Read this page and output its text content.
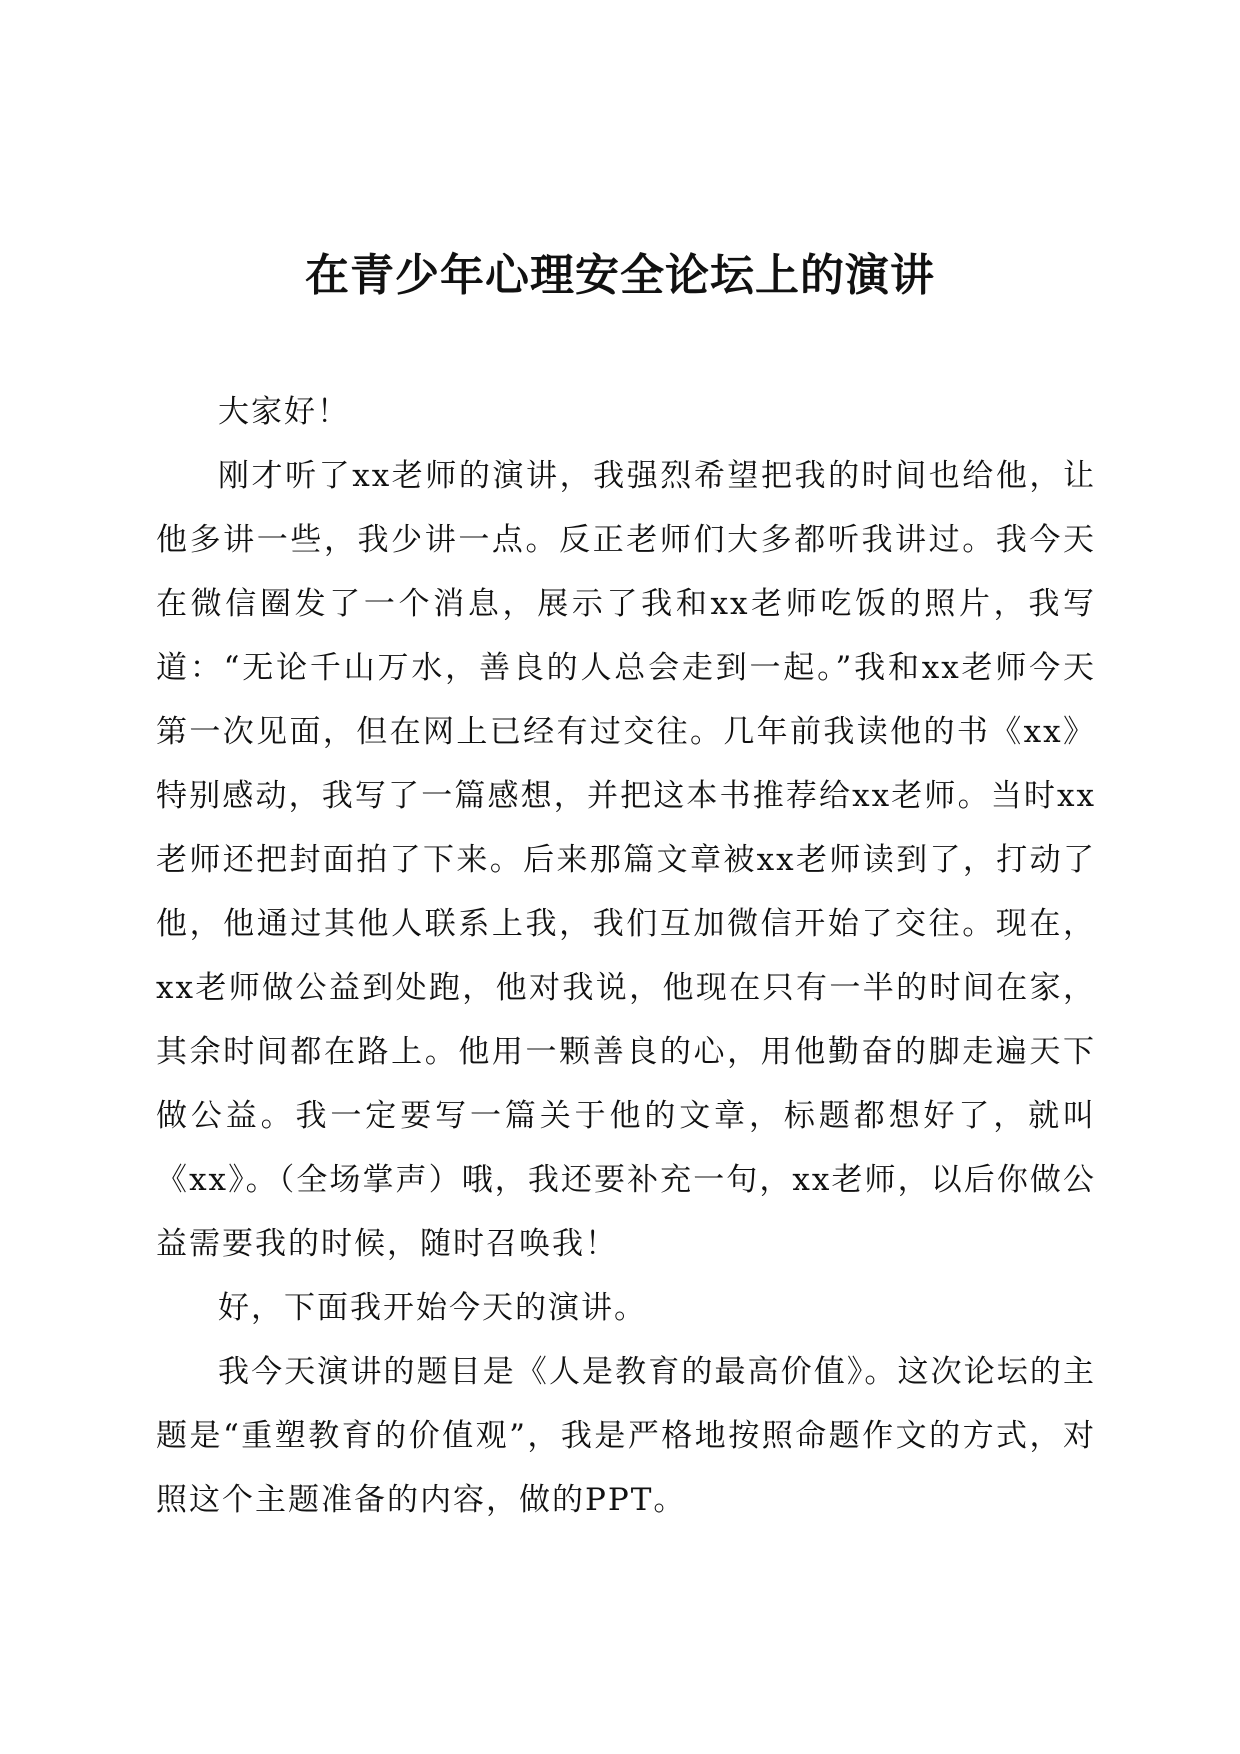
在青少年心理安全论坛上的演讲

大家好！

刚才听了xx老师的演讲，我强烈希望把我的时间也给他，让他多讲一些，我少讲一点。反正老师们大多都听我讲过。我今天在微信圈发了一个消息，展示了我和xx老师吃饭的照片，我写道：“无论千山万水，善良的人总会走到一起。”我和xx老师今天第一次见面，但在网上已经有过交往。几年前我读他的书《xx》特别感动，我写了一篇感想，并把这本书推荐给xx老师。当时xx老师还把封面拍了下来。后来那篇文章被xx老师读到了，打动了他，他通过其他人联系上我，我们互加微信开始了交往。现在，xx老师做公益到处跑，他对我说，他现在只有一半的时间在家，其余时间都在路上。他用一颗善良的心，用他勤奋的脚走遍天下做公益。我一定要写一篇关于他的文章，标题都想好了，就叫《xx》。（全场掌声）哦，我还要补充一句，xx老师，以后你做公益需要我的时候，随时召唤我！

好，下面我开始今天的演讲。

我今天演讲的题目是《人是教育的最高价值》。这次论坛的主题是“重塑教育的价值观”，我是严格地按照命题作文的方式，对照这个主题准备的内容，做的PPT。
